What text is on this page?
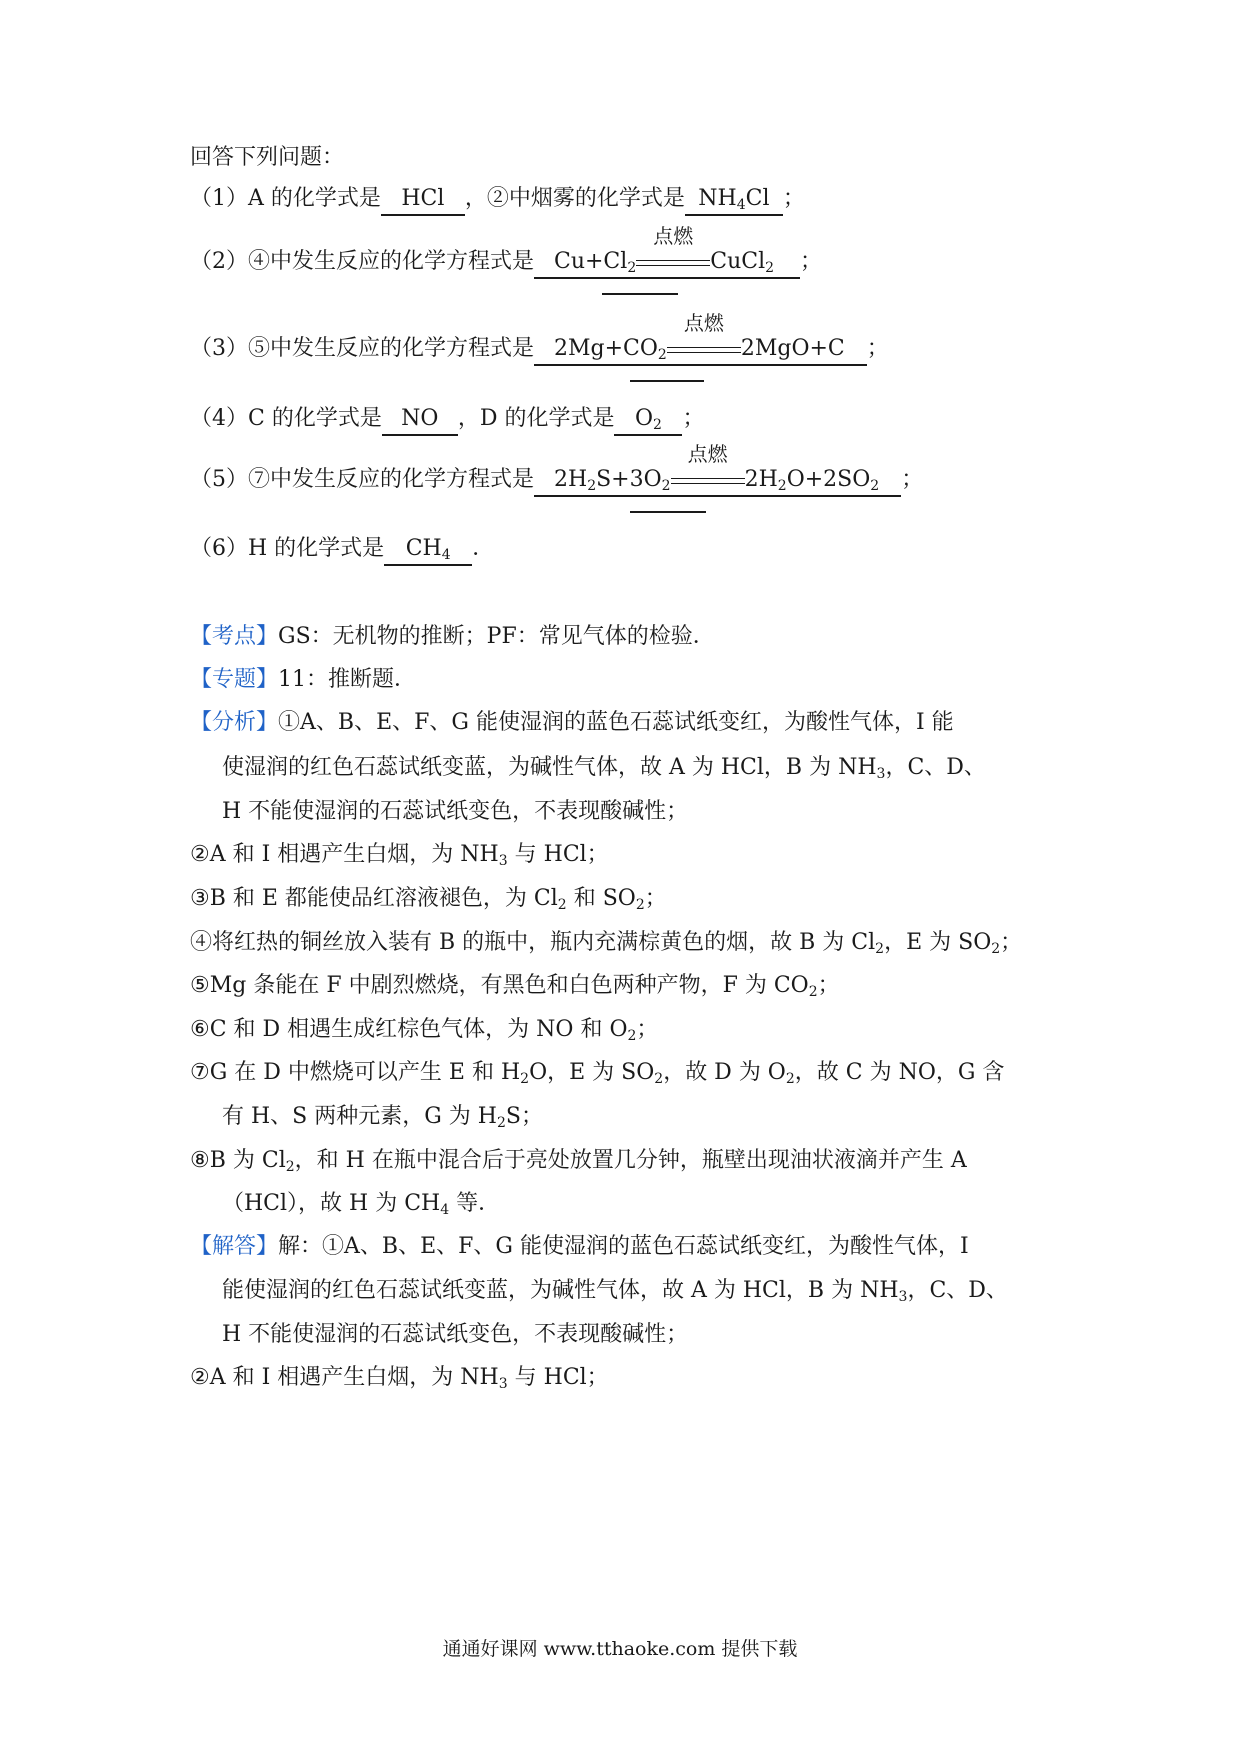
回答下列问题：
（1）A 的化学式是 HCl ，②中烟雾的化学式是 $NH_4Cl$ ；
（2）④中发生反应的化学方程式是 $Cu+Cl_2$
点燃
CuCl$_2$ ；
（3）⑤中发生反应的化学方程式是 $2Mg+CO_2$
点燃
2MgO+C ；
（4）C 的化学式是 NO ，D 的化学式是 $O_2$ ；
（5）⑦中发生反应的化学方程式是 $2H_2S+3O_2$
点燃
$2H_2O+2SO_2$ ；
（6）H 的化学式是 $CH_4$ ．
【考点】GS：无机物的推断；PF：常见气体的检验．
【专题】11：推断题．
【分析】①A、B、E、F、G 能使湿润的蓝色石蕊试纸变红，为酸性气体，I 能
使湿润的红色石蕊试纸变蓝，为碱性气体，故 A 为 HCl，B 为 $NH_3$，C、D、
H 不能使湿润的石蕊试纸变色，不表现酸碱性；
②A 和 I 相遇产生白烟，为 $NH_3$ 与 HCl；
③B 和 E 都能使品红溶液褪色，为 $Cl_2$ 和 $SO_2$；
④将红热的铜丝放入装有 B 的瓶中，瓶内充满棕黄色的烟，故 B 为 $Cl_2$，E 为 $SO_2$；
⑤Mg 条能在 F 中剧烈燃烧，有黑色和白色两种产物，F 为 $CO_2$；
⑥C 和 D 相遇生成红棕色气体，为 NO 和 $O_2$；
⑦G 在 D 中燃烧可以产生 E 和 $H_2O$，E 为 $SO_2$，故 D 为 $O_2$，故 C 为 NO，G 含
有 H、S 两种元素，G 为 $H_2S$；
⑧B 为 $Cl_2$，和 H 在瓶中混合后于亮处放置几分钟，瓶壁出现油状液滴并产生 A
（HCl），故 H 为 $CH_4$ 等．
【解答】解：①A、B、E、F、G 能使湿润的蓝色石蕊试纸变红，为酸性气体，I
能使湿润的红色石蕊试纸变蓝，为碱性气体，故 A 为 HCl，B 为 $NH_3$，C、D、
H 不能使湿润的石蕊试纸变色，不表现酸碱性；
②A 和 I 相遇产生白烟，为 $NH_3$ 与 HCl；
通通好课网 www.tthaoke.com 提供下载
